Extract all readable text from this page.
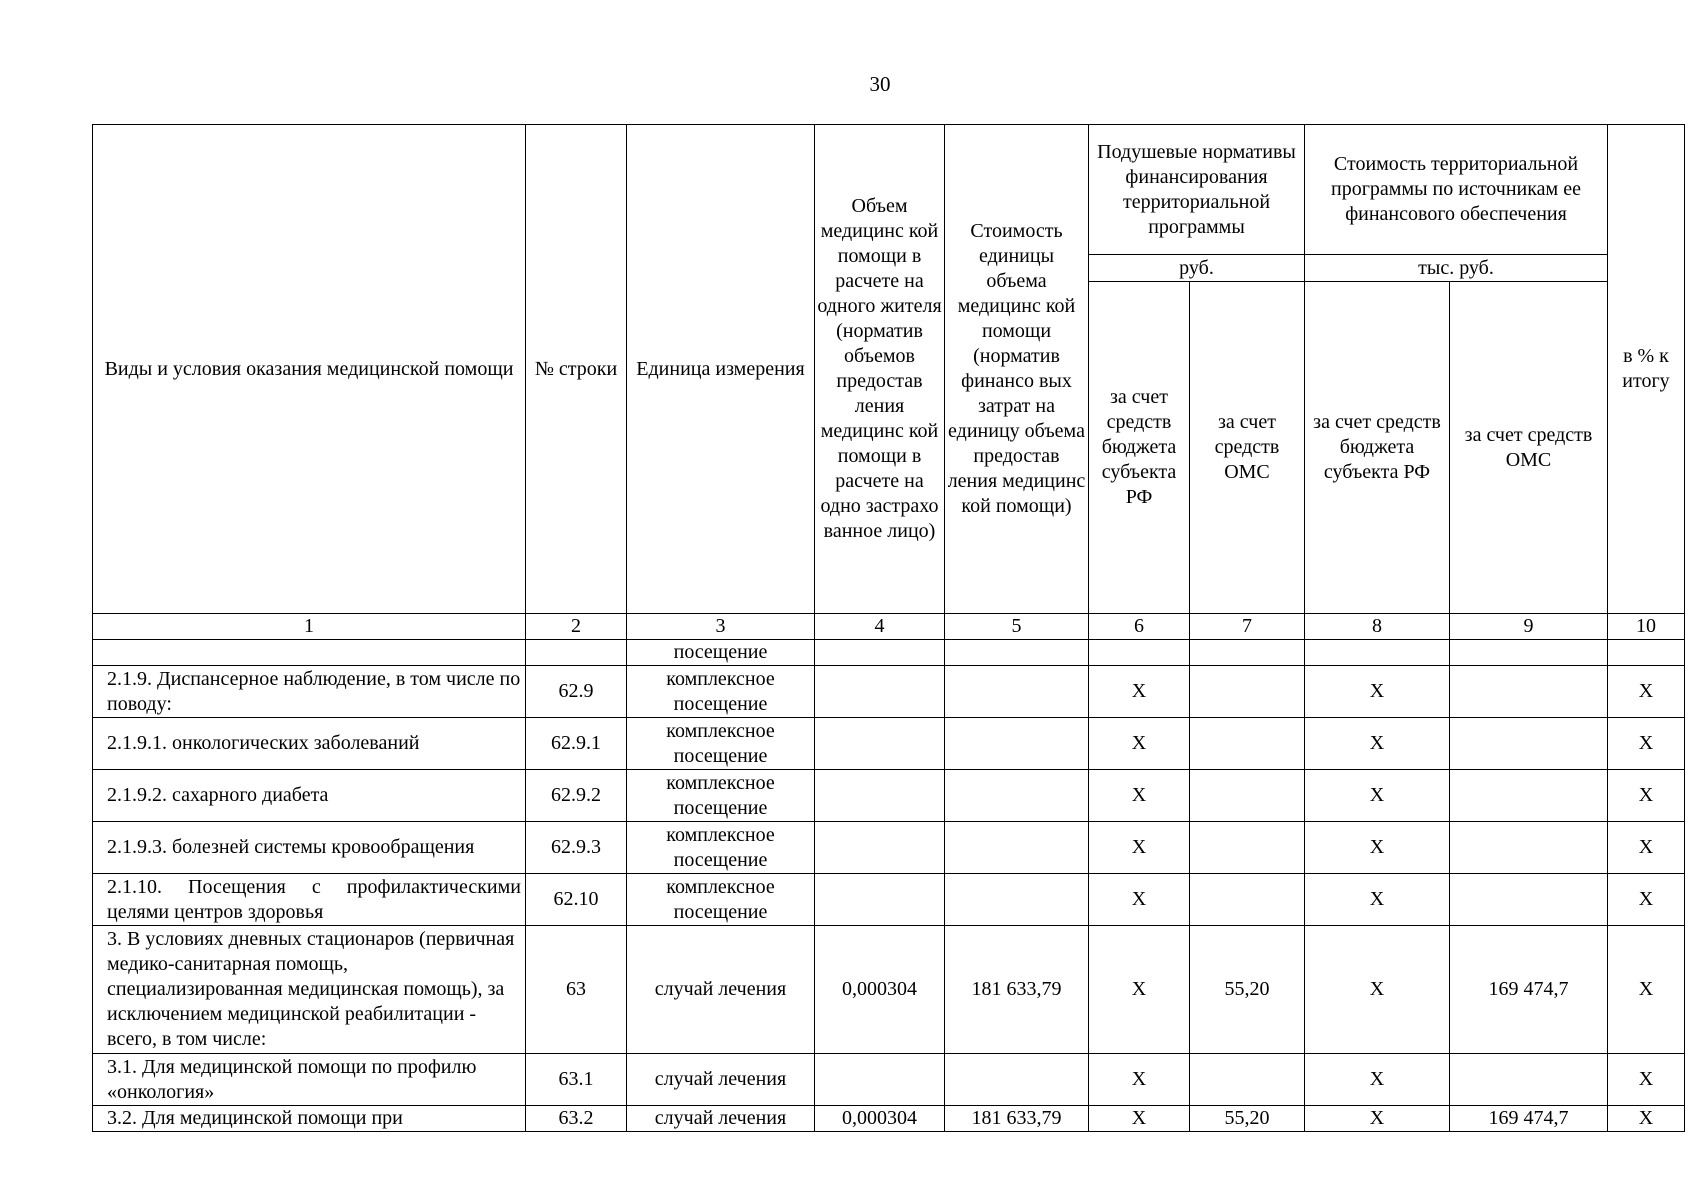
30
Виды и условия оказания медицинской помощи	№ строки	Единица измерения	Объем медицинс кой помощи в расчете на одного жителя (норматив объемов предостав ления медицинс кой помощи в расчете на одно застрахо ванное лицо)	Стоимость единицы объема медицинс кой помощи (норматив финансо вых затрат на единицу объема предостав ления медицинс кой помощи)	Подушевые нормативы финансирования территориальной программы		Стоимость территориальной программы по источникам ее финансового обеспечения		в % к итогу
					руб.		тыс. руб.		
					за счет средств бюджета субъекта РФ	за счет средств ОМС	за счет средств бюджета субъекта РФ	за счет средств ОМС	
1	2	3	4	5	6	7	8	9	10
		посещение							
2.1.9. Диспансерное наблюдение, в том числе по поводу:	62.9	комплексное посещение			X		X		X
2.1.9.1. онкологических заболеваний	62.9.1	комплексное посещение			X		X		X
2.1.9.2. сахарного диабета	62.9.2	комплексное посещение			X		X		X
2.1.9.3. болезней системы кровообращения	62.9.3	комплексное посещение			X		X		X
2.1.10. Посещения с профилактическими целями центров здоровья	62.10	комплексное посещение			X		X		X
3. В условиях дневных стационаров (первичная медико-санитарная помощь, специализированная медицинская помощь), за исключением медицинской реабилитации - всего, в том числе:	63	случай лечения	0,000304	181 633,79	X	55,20	X	169 474,7	X
3.1. Для медицинской помощи по профилю «онкология»	63.1	случай лечения			X		X		X
3.2. Для медицинской помощи при	63.2	случай лечения	0,000304	181 633,79	X	55,20	X	169 474,7	X
